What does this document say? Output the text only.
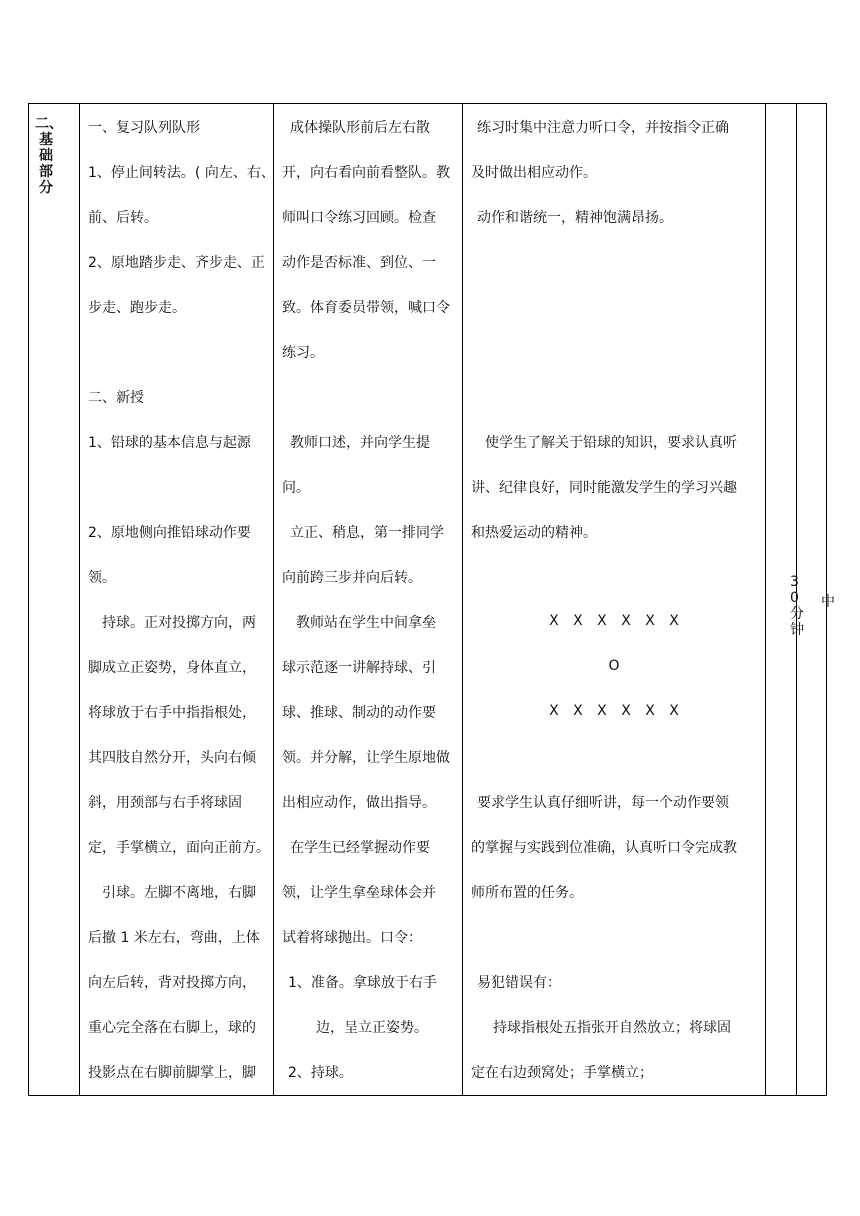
二、基础部分
一、复习队列队形
1、停止间转法。( 向左、右、
前、后转。
2、原地踏步走、齐步走、正
步走、跑步走。
二、新授
1、铅球的基本信息与起源
2、原地侧向推铅球动作要
领。
持球。正对投掷方向，两
脚成立正姿势，身体直立，
将球放于右手中指指根处，
其四肢自然分开，头向右倾
斜，用颈部与右手将球固
定，手掌横立，面向正前方。
引球。左脚不离地，右脚
后撤 1 米左右，弯曲，上体
向左后转，背对投掷方向，
重心完全落在右脚上，球的
投影点在右脚前脚掌上，脚
成体操队形前后左右散
开，向右看向前看整队。教
师叫口令练习回顾。检查
动作是否标准、到位、一
致。体育委员带领，喊口令
练习。
教师口述，并向学生提
问。
立正、稍息，第一排同学
向前跨三步并向后转。
教师站在学生中间拿垒
球示范逐一讲解持球、引
球、推球、制动的动作要
领。并分解，让学生原地做
出相应动作，做出指导。
在学生已经掌握动作要
领，让学生拿垒球体会并
试着将球抛出。口令：
1、准备。拿球放于右手
边，呈立正姿势。
2、持球。
练习时集中注意力听口令，并按指令正确
及时做出相应动作。
动作和谐统一，精神饱满昂扬。
使学生了解关于铅球的知识，要求认真听
讲、纪律良好，同时能激发学生的学习兴趣
和热爱运动的精神。
X X X X X X
O
X X X X X X
要求学生认真仔细听讲，每一个动作要领
的掌握与实践到位准确，认真听口令完成教
师所布置的任务。
易犯错误有：
持球指根处五指张开自然放立；将球固
定在右边颈窝处；手掌横立；
30 分钟
中
